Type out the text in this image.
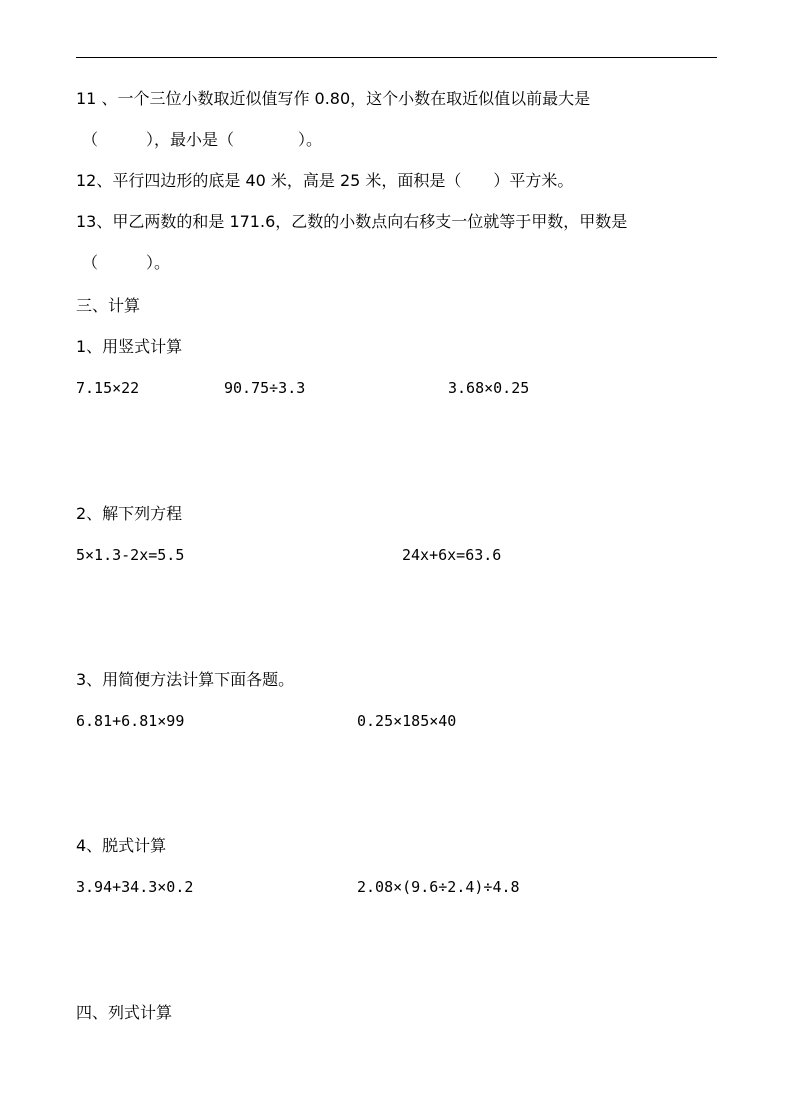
11 、一个三位小数取近似值写作 0.80，这个小数在取近似值以前最大是
（　　　），最小是（　　　　）。
12、平行四边形的底是 40 米，高是 25 米，面积是（　　）平方米。
13、甲乙两数的和是 171.6，乙数的小数点向右移支一位就等于甲数，甲数是
（　　　）。
三、计算
1、用竖式计算
7.15×22	90.75÷3.3	3.68×0.25
2、解下列方程
5×1.3-2x=5.5	24x+6x=63.6
3、用简便方法计算下面各题。
6.81+6.81×99	0.25×185×40
4、脱式计算
3.94+34.3×0.2	2.08×(9.6÷2.4)÷4.8
四、列式计算
